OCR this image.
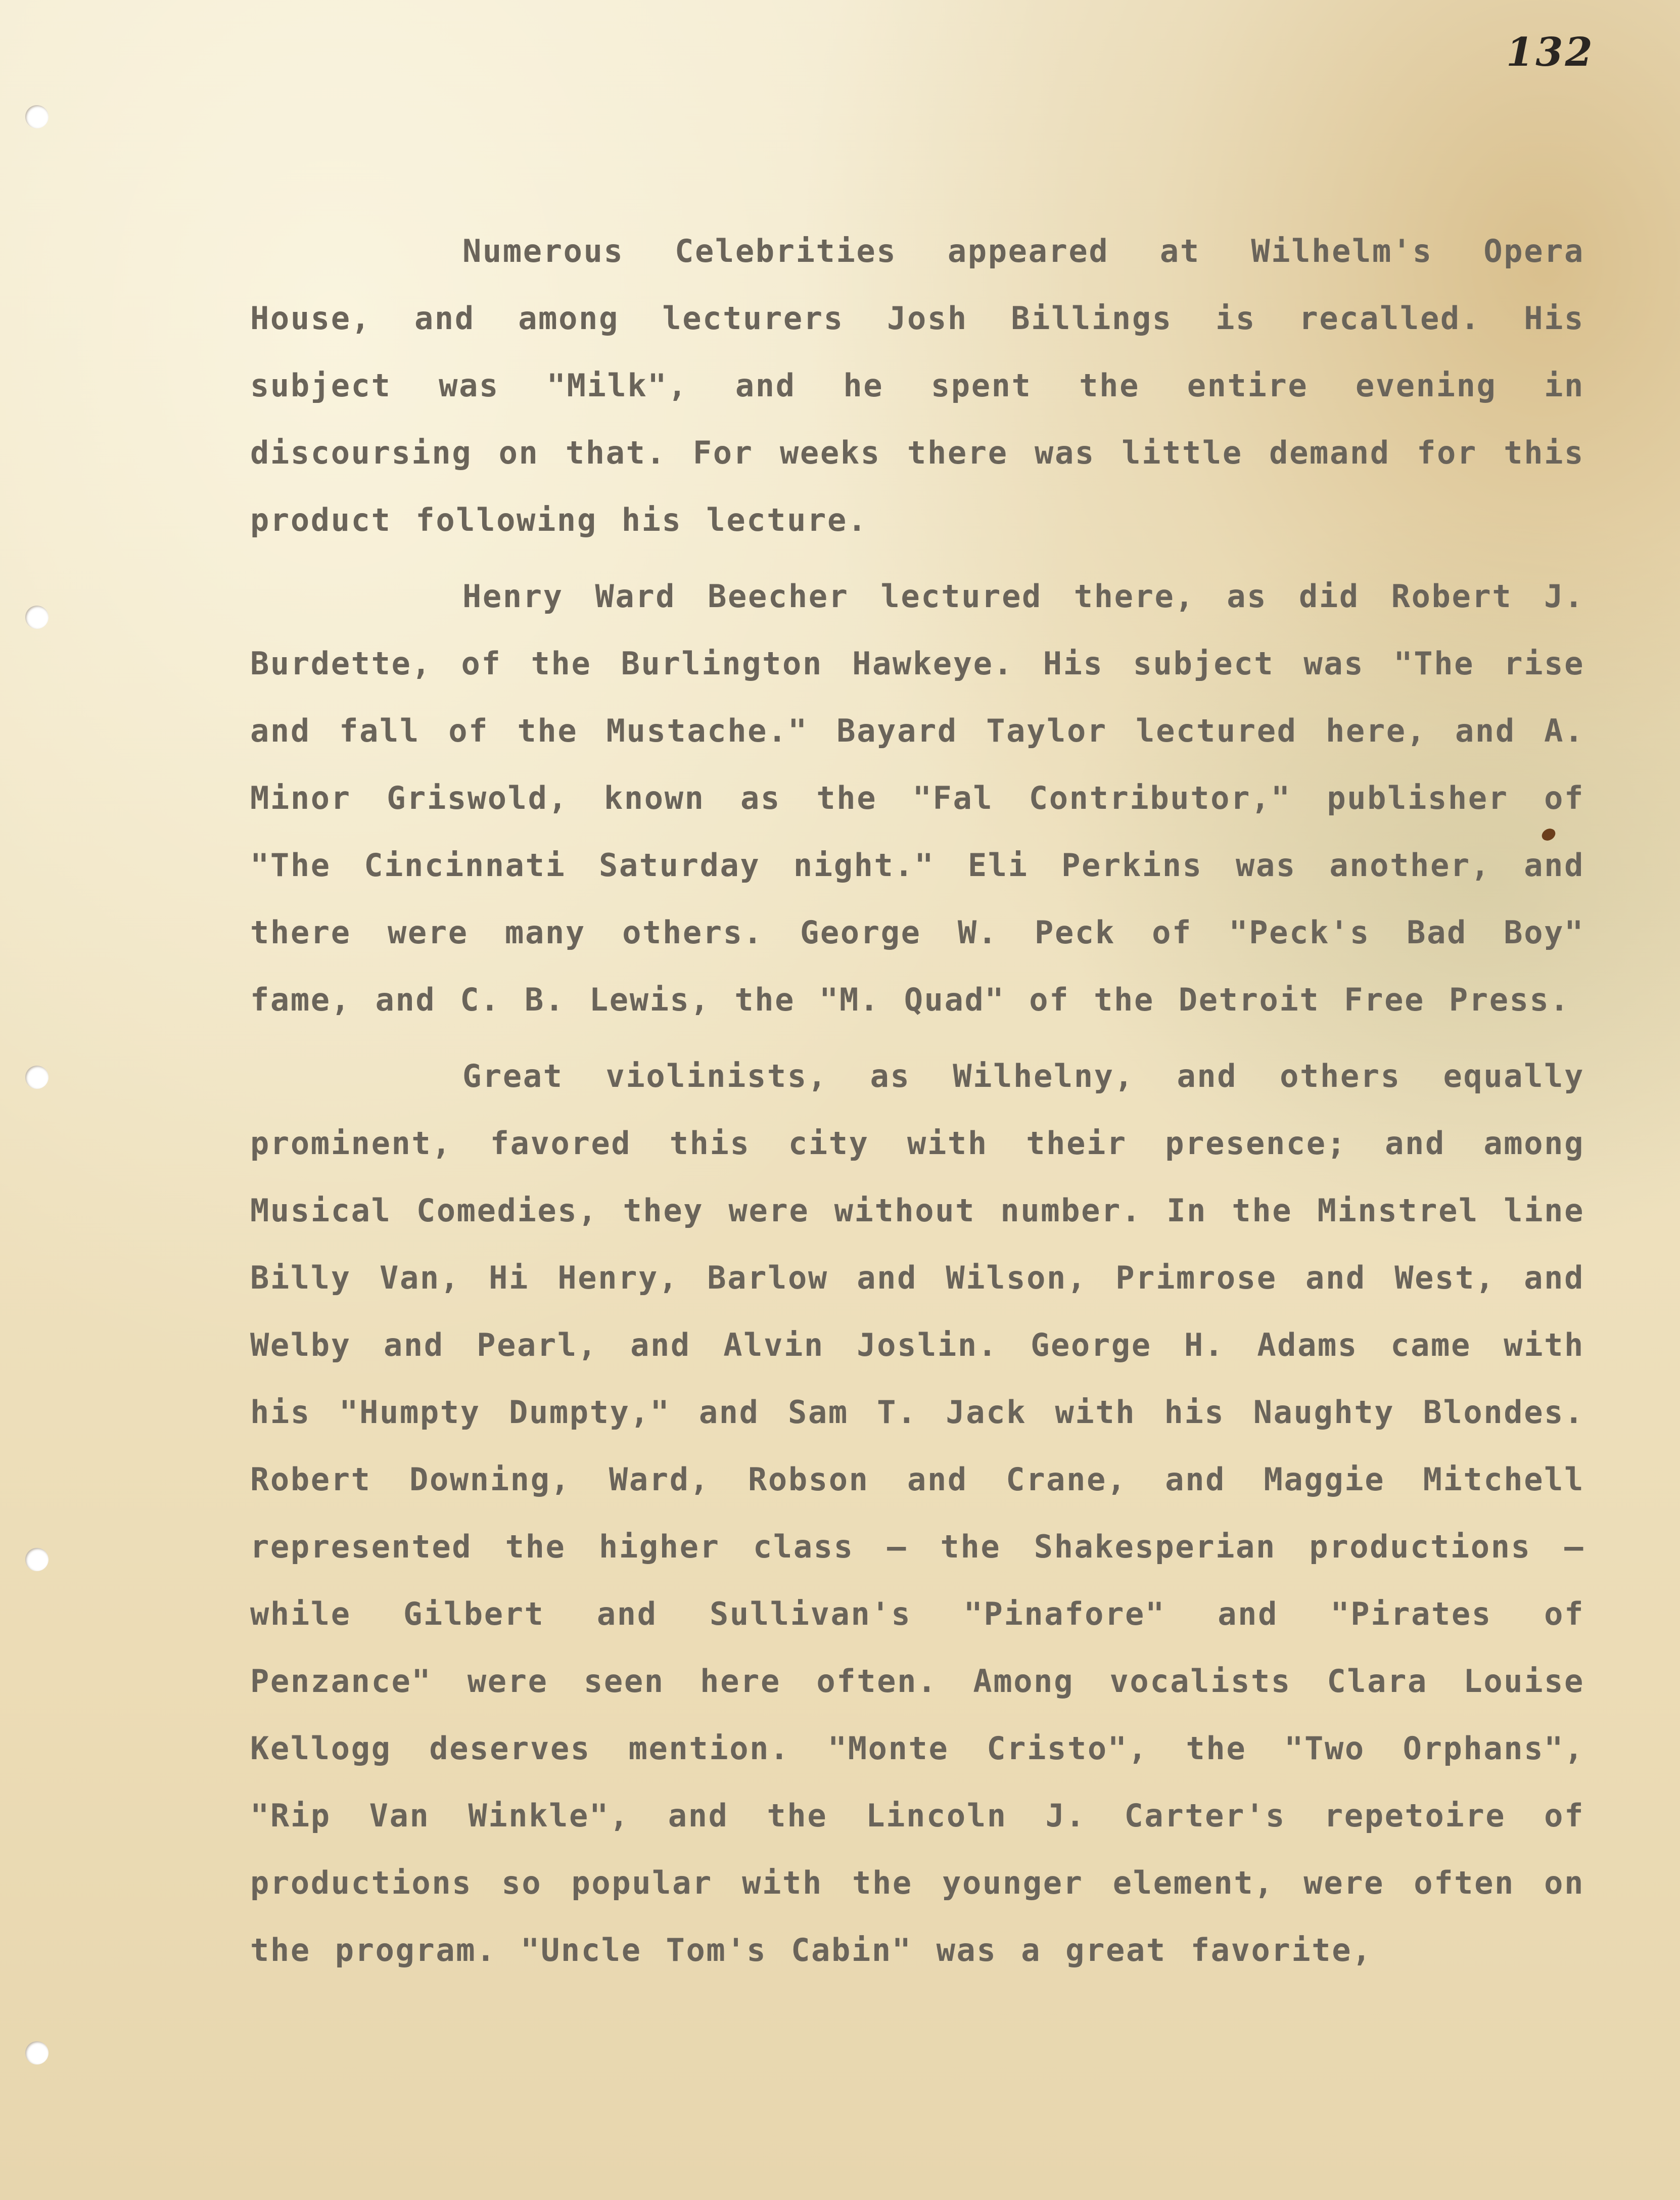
132

Numerous Celebrities appeared at Wilhelm's Opera House, and among lecturers Josh Billings is recalled. His subject was "Milk", and he spent the entire evening in discoursing on that. For weeks there was little demand for this product following his lecture.

Henry Ward Beecher lectured there, as did Robert J. Burdette, of the Burlington Hawkeye. His subject was "The rise and fall of the Mustache." Bayard Taylor lectured here, and A. Minor Griswold, known as the "Fal Contributor," publisher of "The Cincinnati Saturday night." Eli Perkins was another, and there were many others. George W. Peck of "Peck's Bad Boy" fame, and C. B. Lewis, the "M. Quad" of the Detroit Free Press.

Great violinists, as Wilhelny, and others equally prominent, favored this city with their presence; and among Musical Comedies, they were without number. In the Minstrel line Billy Van, Hi Henry, Barlow and Wilson, Primrose and West, and Welby and Pearl, and Alvin Joslin. George H. Adams came with his "Humpty Dumpty," and Sam T. Jack with his Naughty Blondes. Robert Downing, Ward, Robson and Crane, and Maggie Mitchell represented the higher class — the Shakesperian productions — while Gilbert and Sullivan's "Pinafore" and "Pirates of Penzance" were seen here often. Among vocalists Clara Louise Kellogg deserves mention. "Monte Cristo", the "Two Orphans", "Rip Van Winkle", and the Lincoln J. Carter's repetoire of productions so popular with the younger element, were often on the program. "Uncle Tom's Cabin" was a great favorite,
